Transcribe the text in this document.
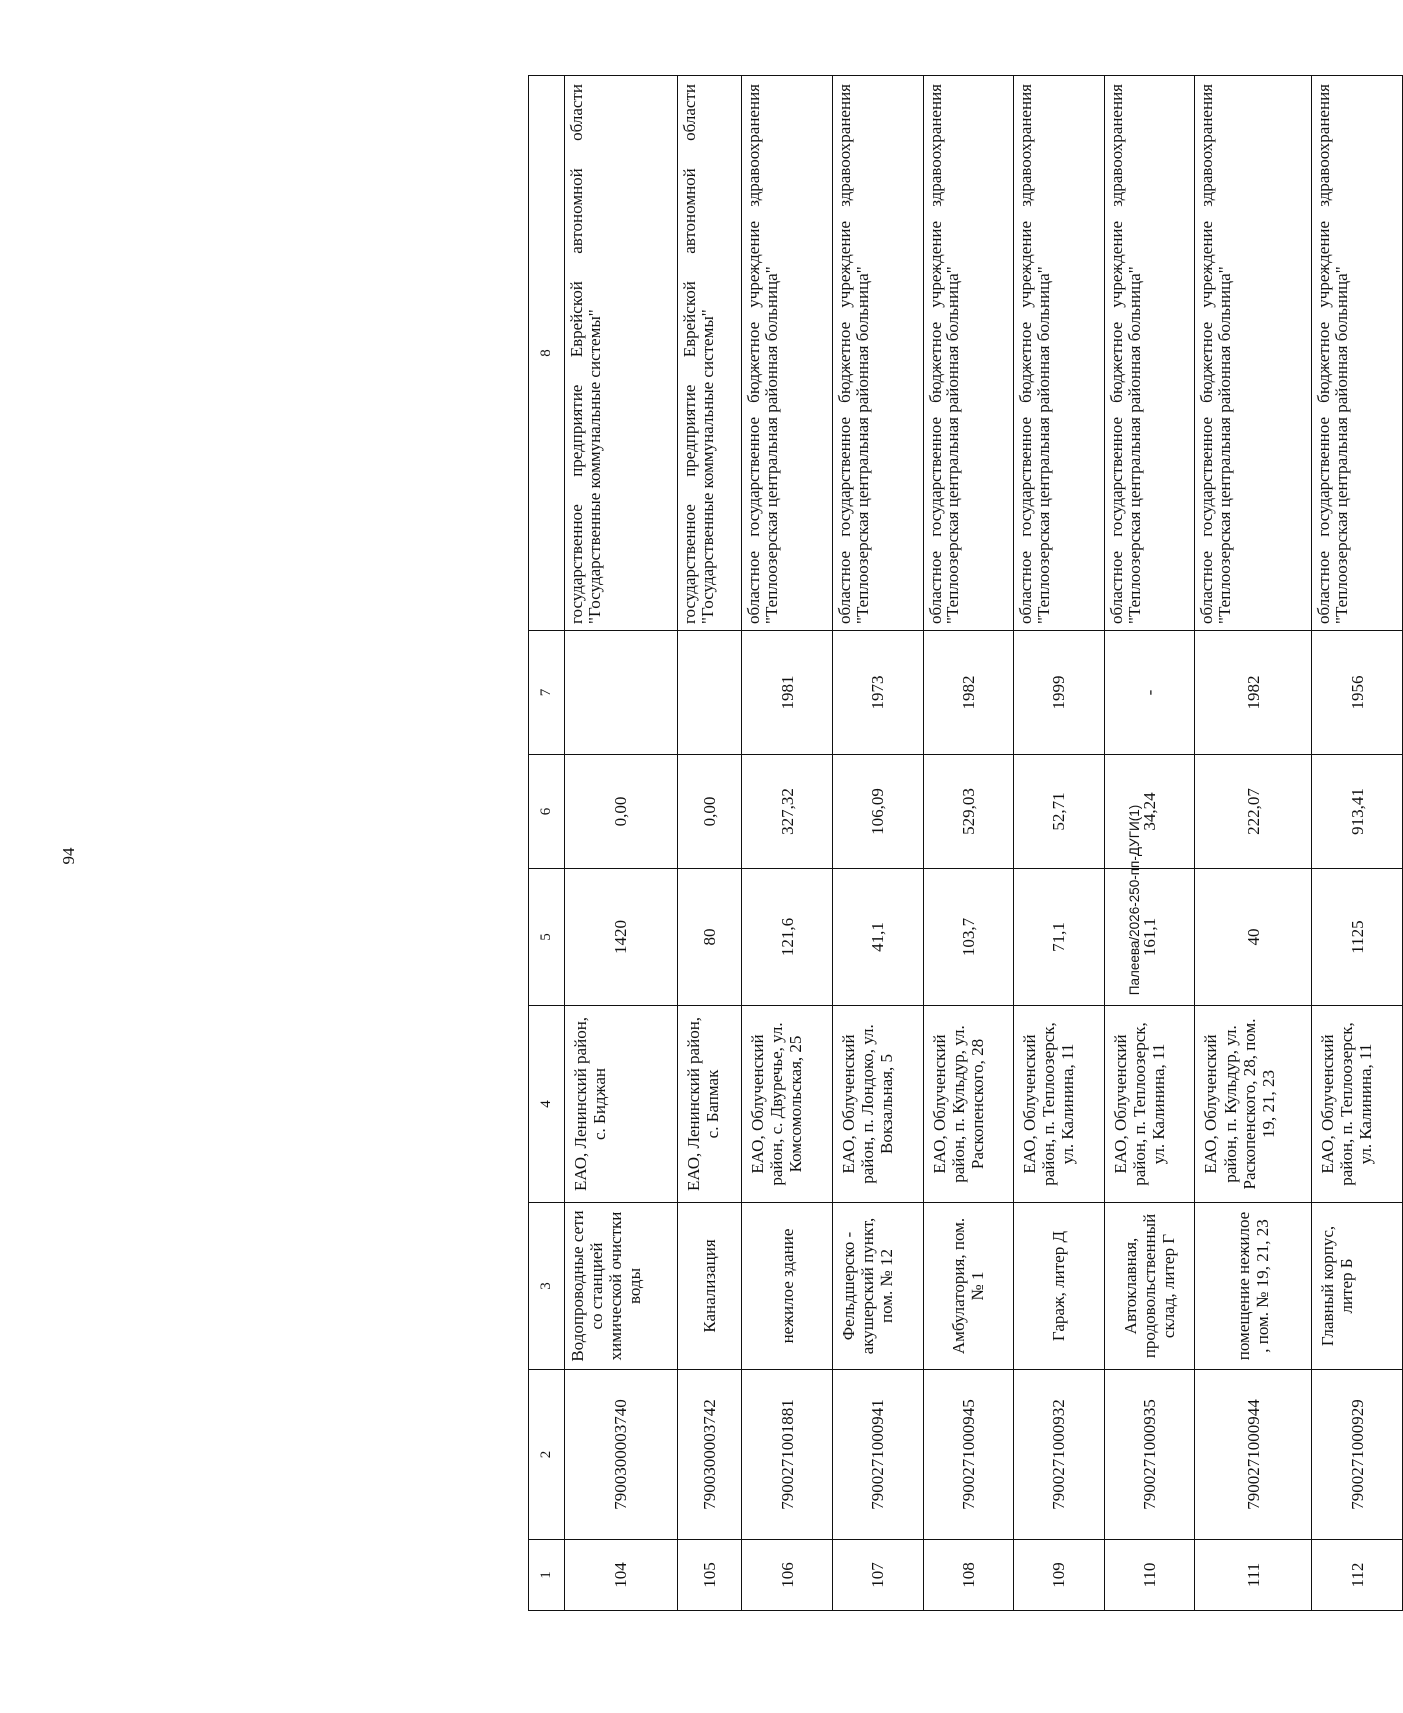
94	Палеева/2026-250-пп-ДУГИ(1)
1	2	3	4	5	6	7	8
104	7900300003740	Водопроводные сети со станцией химической очистки воды	ЕАО, Ленинский район, с. Биджан	1420	0,00		государственное предприятие Еврейской автономной области "Государственные коммунальные системы"
105	7900300003742	Канализация	ЕАО, Ленинский район, с. Бапмак	80	0,00		государственное предприятие Еврейской автономной области "Государственные коммунальные системы"
106	7900271001881	нежилое здание	ЕАО, Облученский район, с. Двуречье, ул. Комсомольская, 25	121,6	327,32	1981	областное государственное бюджетное учреждение здравоохранения "Теплоозерская центральная районная больница"
107	7900271000941	Фельдшерско - акушерский пункт, пом. № 12	ЕАО, Облученский район, п. Лондоко, ул. Вокзальная, 5	41,1	106,09	1973	областное государственное бюджетное учреждение здравоохранения "Теплоозерская центральная районная больница"
108	7900271000945	Амбулатория, пом. № 1	ЕАО, Облученский район, п. Кульдур, ул. Раскопенского, 28	103,7	529,03	1982	областное государственное бюджетное учреждение здравоохранения "Теплоозерская центральная районная больница"
109	7900271000932	Гараж, литер Д	ЕАО, Облученский район, п. Теплоозерск, ул. Калинина, 11	71,1	52,71	1999	областное государственное бюджетное учреждение здравоохранения "Теплоозерская центральная районная больница"
110	7900271000935	Автоклавная, продовольственный склад, литер Г	ЕАО, Облученский район, п. Теплоозерск, ул. Калинина, 11	161,1	34,24	-	областное государственное бюджетное учреждение здравоохранения "Теплоозерская центральная районная больница"
111	7900271000944	помещение нежилое , пом. № 19, 21, 23	ЕАО, Облученский район, п. Кульдур, ул. Раскопенского, 28, пом. 19, 21, 23	40	222,07	1982	областное государственное бюджетное учреждение здравоохранения "Теплоозерская центральная районная больница"
112	7900271000929	Главный корпус, литер Б	ЕАО, Облученский район, п. Теплоозерск, ул. Калинина, 11	1125	913,41	1956	областное государственное бюджетное учреждение здравоохранения "Теплоозерская центральная районная больница"
